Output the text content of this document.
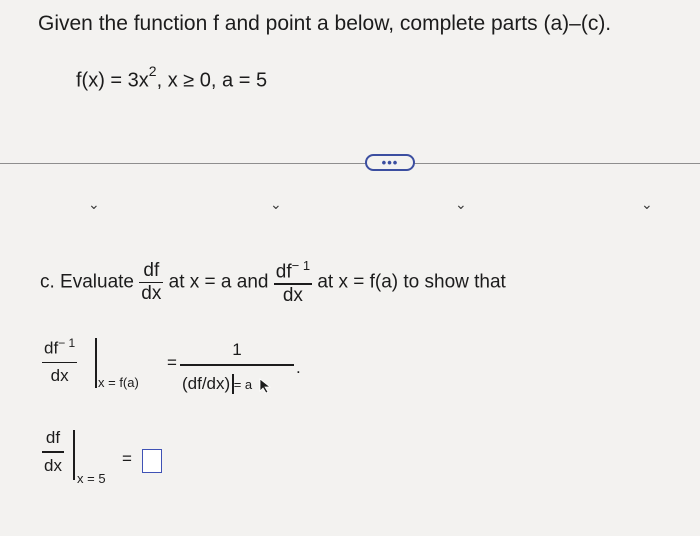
Given the function f and point a below, complete parts (a)–(c).
$f(x) = 3x^2$, x ≥ 0, a = 5
•••
⌄	⌄	⌄	⌄
c. Evaluate $\frac{df}{dx}$ at x = a and $\frac{df^{- 1}}{dx}$ at x = f(a) to show that
$\frac{df^{- 1}}{dx}$ x = f(a)
= $\frac{1}{(df/dx) = a}$ .
$\frac{df}{dx}$
x = 5
=
